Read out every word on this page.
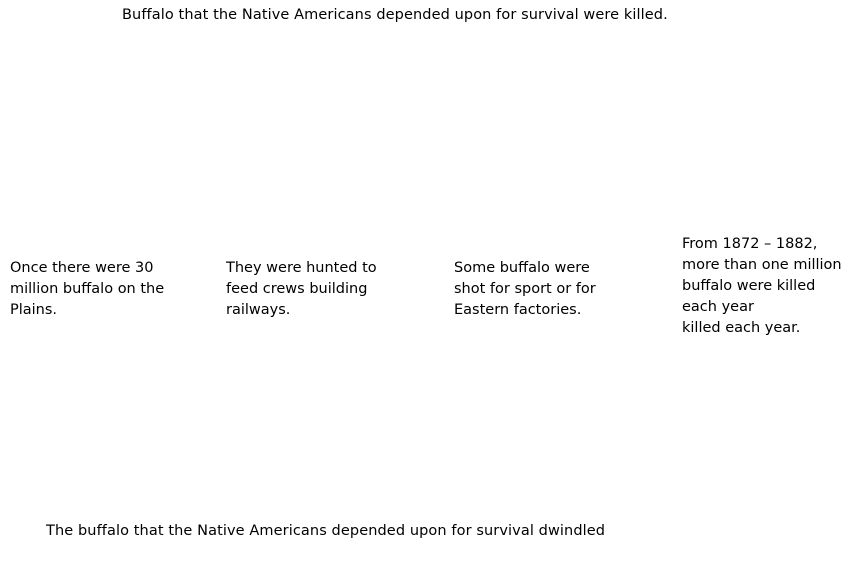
Buffalo that the Native Americans depended upon for survival were killed.
Once there were 30
million buffalo on the
Plains.
They were hunted to
feed crews building
railways.
Some buffalo were
shot for sport or for
Eastern factories.
From 1872 – 1882,
more than one million
buffalo were killed
each year
killed each year.
The buffalo that the Native Americans depended upon for survival dwindled
